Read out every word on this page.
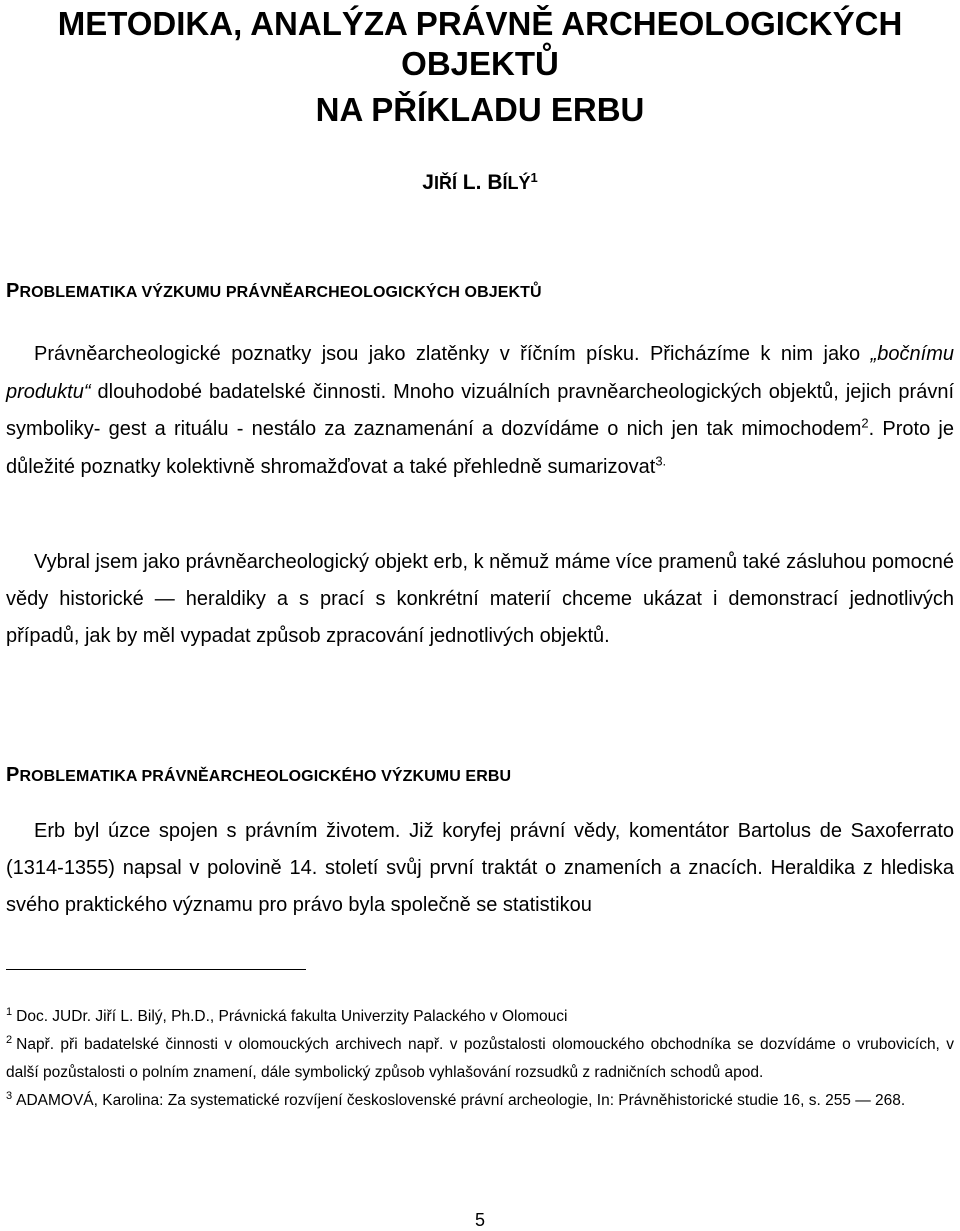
METODIKA, ANALÝZA PRÁVNĚ ARCHEOLOGICKÝCH OBJEKTŮ
NA PŘÍKLADU ERBU
JIŘÍ L. BÍLÝ$^1$
PROBLEMATIKA VÝZKUMU PRÁVNĚARCHEOLOGICKÝCH OBJEKTŮ

Právněarcheologické poznatky jsou jako zlatěnky v říčním písku. Přicházíme k nim jako „bočnímu produktu“ dlouhodobé badatelské činnosti. Mnoho vizuálních pravněarcheologických objektů, jejich právní symboliky- gest a rituálu - nestálo za zaznamenání a dozvídáme o nich jen tak mimochodem$^2$. Proto je důležité poznatky kolektivně shromažďovat a také přehledně sumarizovat$^{3.}$

Vybral jsem jako právněarcheologický objekt erb, k němuž máme více pramenů také zásluhou pomocné vědy historické — heraldiky a s prací s konkrétní materií chceme ukázat i demonstrací jednotlivých případů, jak by měl vypadat způsob zpracování jednotlivých objektů.

PROBLEMATIKA PRÁVNĚARCHEOLOGICKÉHO VÝZKUMU ERBU

Erb byl úzce spojen s právním životem. Již koryfej právní vědy, komentátor Bartolus de Saxoferrato (1314-1355) napsal v polovině 14. století svůj první traktát o znameních a znacích. Heraldika z hlediska svého praktického významu pro právo byla společně se statistikou

$^1$ Doc. JUDr. Jiří L. Bilý, Ph.D., Právnická fakulta Univerzity Palackého v Olomouci

$^2$ Např. při badatelské činnosti v olomouckých archivech např. v pozůstalosti olomouckého obchodníka se dozvídáme o vrubovicích, v další pozůstalosti o polním znamení, dále symbolický způsob vyhlašování rozsudků z radničních schodů apod.

$^3$ ADAMOVÁ, Karolina: Za systematické rozvíjení československé právní archeologie, In: Právněhistorické studie 16, s. 255 — 268.

5
